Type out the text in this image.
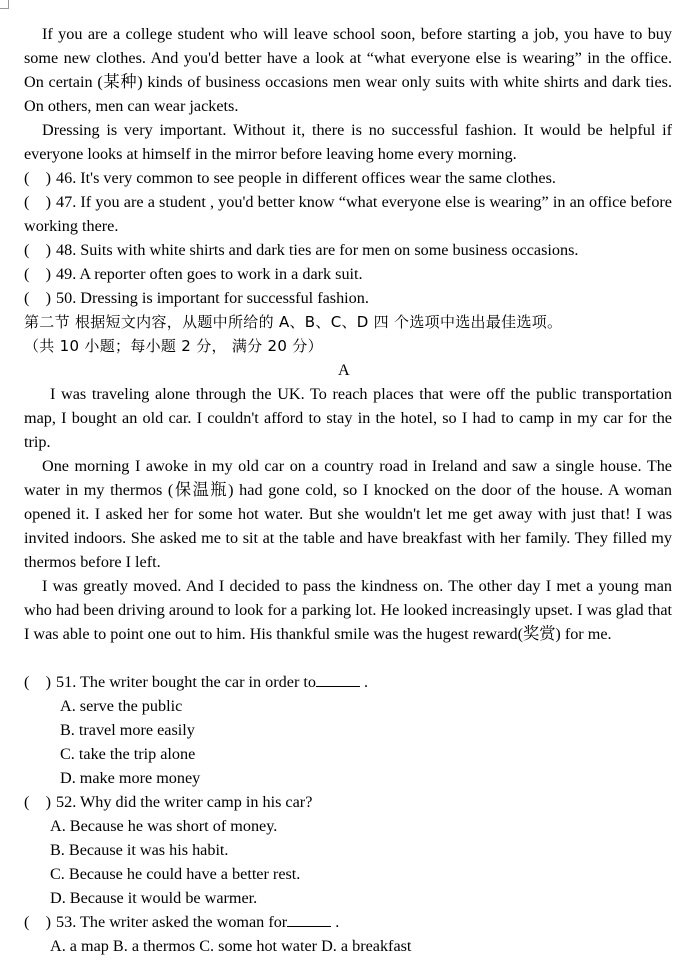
If you are a college student who will leave school soon, before starting a job, you have to buy some new clothes. And you'd better have a look at “what everyone else is wearing” in the office. On certain (某种) kinds of business occasions men wear only suits with white shirts and dark ties. On others, men can wear jackets.

Dressing is very important. Without it, there is no successful fashion. It would be helpful if everyone looks at himself in the mirror before leaving home every morning.

(　) 46. It's very common to see people in different offices wear the same clothes.
(　) 47. If you are a student , you'd better know “what everyone else is wearing” in an office before working there.
(　) 48. Suits with white shirts and dark ties are for men on some business occasions.
(　) 49. A reporter often goes to work in a dark suit.
(　) 50. Dressing is important for successful fashion.
第二节 根据短文内容，从题中所给的 A、B、C、D 四 个选项中选出最佳选项。
（共 10 小题；每小题 2 分， 满分 20 分）
A

I was traveling alone through the UK. To reach places that were off the public transportation map, I bought an old car. I couldn't afford to stay in the hotel, so I had to camp in my car for the trip.

One morning I awoke in my old car on a country road in Ireland and saw a single house. The water in my thermos (保温瓶) had gone cold, so I knocked on the door of the house. A woman opened it. I asked her for some hot water. But she wouldn't let me get away with just that! I was invited indoors. She asked me to sit at the table and have breakfast with her family. They filled my thermos before I left.

I was greatly moved. And I decided to pass the kindness on. The other day I met a young man who had been driving around to look for a parking lot. He looked increasingly upset. I was glad that I was able to point one out to him. His thankful smile was the hugest reward(奖赏) for me.

(　) 51. The writer bought the car in order to	.
A. serve the public
B. travel more easily
C. take the trip alone
D. make more money
(　) 52. Why did the writer camp in his car?
A. Because he was short of money.
B. Because it was his habit.
C. Because he could have a better rest.
D. Because it would be warmer.
(　) 53. The writer asked the woman for	.
A. a map B. a thermos C. some hot water D. a breakfast
